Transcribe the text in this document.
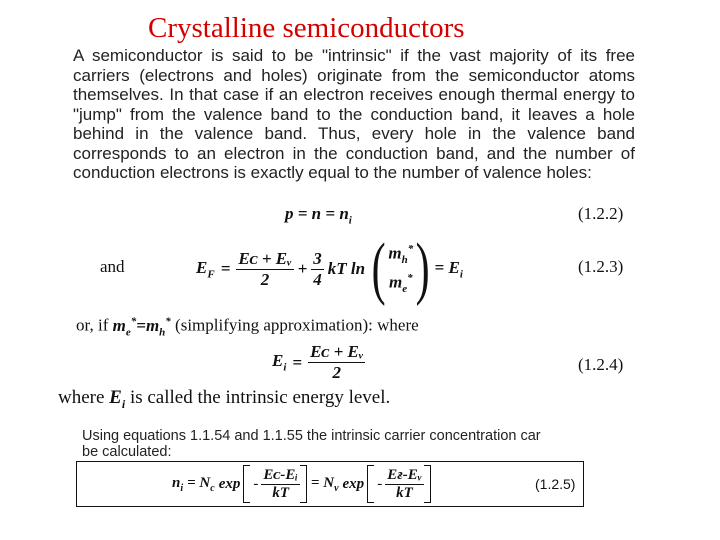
Crystalline semiconductors
A semiconductor is said to be "intrinsic" if the vast majority of its free
carriers (electrons and holes) originate from the semiconductor atoms
themselves. In that case if an electron receives enough thermal energy to
"jump" from the valence band to the conduction band, it leaves a hole
behind in the valence band. Thus, every hole in the valence band
corresponds to an electron in the conduction band, and the number of
conduction electrons is exactly equal to the number of valence holes:
$p = n = n_i$	(1.2.2)
and	$E_F = \frac{\text{Eᴄ + Eᵥ}}{2} + \frac{3}{4}$ kT ln ( $m_h^*$
$m_e^*$ ) = $E_i$	(1.2.3)
or, if $m_e^*=m_h^*$ (simplifying approximation): where
$E_i = \frac{\text{Eᴄ + Eᵥ}}{2}$	(1.2.4)
where $E_i$ is called the intrinsic energy level.
Using equations 1.1.54 and 1.1.55 the intrinsic carrier concentration car
be calculated:
$n_i = N_c$ $\exp - \frac{\text{Eᴄ-Eᵢ}}{kT} = N_v$ exp - $\frac{\text{Eғ-Eᵥ}}{kT}$	(1.2.5)
